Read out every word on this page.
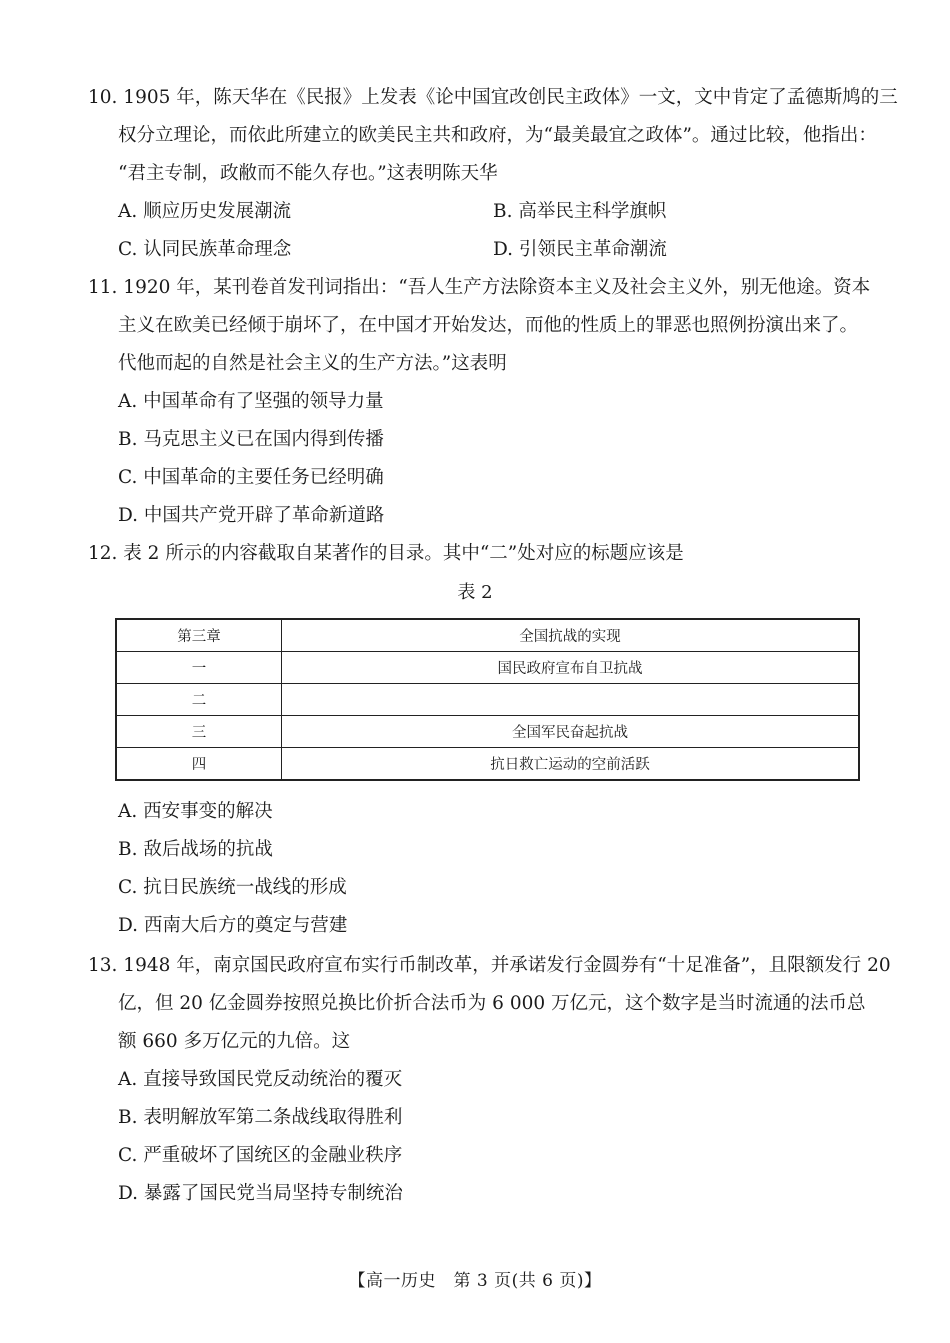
10. 1905 年，陈天华在《民报》上发表《论中国宜改创民主政体》一文，文中肯定了孟德斯鸠的三
权分立理论，而依此所建立的欧美民主共和政府，为“最美最宜之政体”。通过比较，他指出：
“君主专制，政敝而不能久存也。”这表明陈天华
A. 顺应历史发展潮流	B. 高举民主科学旗帜
C. 认同民族革命理念	D. 引领民主革命潮流
11. 1920 年，某刊卷首发刊词指出：“吾人生产方法除资本主义及社会主义外，别无他途。资本
主义在欧美已经倾于崩坏了，在中国才开始发达，而他的性质上的罪恶也照例扮演出来了。
代他而起的自然是社会主义的生产方法。”这表明
A. 中国革命有了坚强的领导力量
B. 马克思主义已在国内得到传播
C. 中国革命的主要任务已经明确
D. 中国共产党开辟了革命新道路
12. 表 2 所示的内容截取自某著作的目录。其中“二”处对应的标题应该是
表 2
第三章	全国抗战的实现
一	国民政府宣布自卫抗战
二	
三	全国军民奋起抗战
四	抗日救亡运动的空前活跃
A. 西安事变的解决
B. 敌后战场的抗战
C. 抗日民族统一战线的形成
D. 西南大后方的奠定与营建
13. 1948 年，南京国民政府宣布实行币制改革，并承诺发行金圆券有“十足准备”，且限额发行 20
亿，但 20 亿金圆券按照兑换比价折合法币为 6 000 万亿元，这个数字是当时流通的法币总
额 660 多万亿元的九倍。这
A. 直接导致国民党反动统治的覆灭
B. 表明解放军第二条战线取得胜利
C. 严重破坏了国统区的金融业秩序
D. 暴露了国民党当局坚持专制统治
【高一历史　第 3 页(共 6 页)】
